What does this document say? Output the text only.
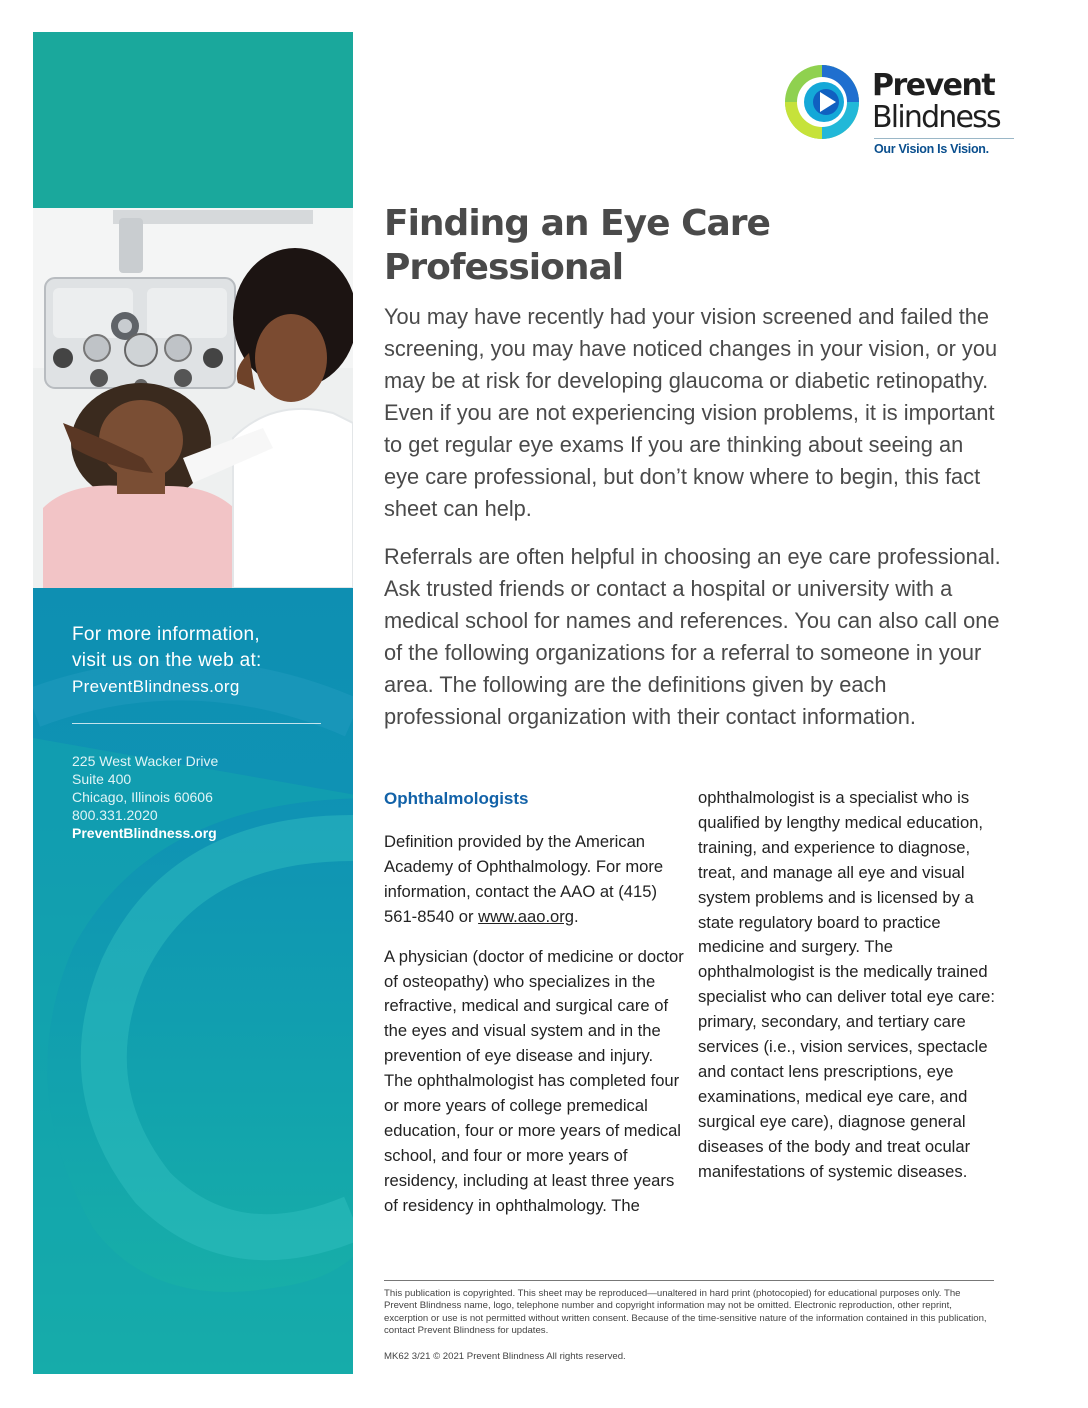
For more information,
visit us on the web at:
PreventBlindness.org
225 West Wacker Drive
Suite 400
Chicago, Illinois 60606
800.331.2020
PreventBlindness.org
Prevent
Blindness
Our Vision Is Vision.
Finding an Eye Care
Professional

You may have recently had your vision screened and failed the screening, you may have noticed changes in your vision, or you may be at risk for developing glaucoma or diabetic retinopathy. Even if you are not experiencing vision problems, it is important to get regular eye exams If you are thinking about seeing an eye care professional, but don’t know where to begin, this fact sheet can help.

Referrals are often helpful in choosing an eye care professional. Ask trusted friends or contact a hospital or university with a medical school for names and references. You can also call one of the following organizations for a referral to someone in your area. The following are the definitions given by each professional organization with their contact information.

Ophthalmologists

Definition provided by the American Academy of Ophthalmology. For more information, contact the AAO at (415) 561-8540 or www.aao.org.

A physician (doctor of medicine or doctor of osteopathy) who specializes in the refractive, medical and surgical care of the eyes and visual system and in the prevention of eye disease and injury. The ophthalmologist has completed four or more years of college premedical education, four or more years of medical school, and four or more years of residency, including at least three years of residency in ophthalmology. The

ophthalmologist is a specialist who is qualified by lengthy medical education, training, and experience to diagnose, treat, and manage all eye and visual system problems and is licensed by a state regulatory board to practice medicine and surgery. The ophthalmologist is the medically trained specialist who can deliver total eye care: primary, secondary, and tertiary care services (i.e., vision services, spectacle and contact lens prescriptions, eye examinations, medical eye care, and surgical eye care), diagnose general diseases of the body and treat ocular manifestations of systemic diseases.

This publication is copyrighted. This sheet may be reproduced—unaltered in hard print (photocopied) for educational purposes only. The Prevent Blindness name, logo, telephone number and copyright information may not be omitted. Electronic reproduction, other reprint, excerption or use is not permitted without written consent. Because of the time-sensitive nature of the information contained in this publication, contact Prevent Blindness for updates.

MK62 3/21 © 2021 Prevent Blindness All rights reserved.
